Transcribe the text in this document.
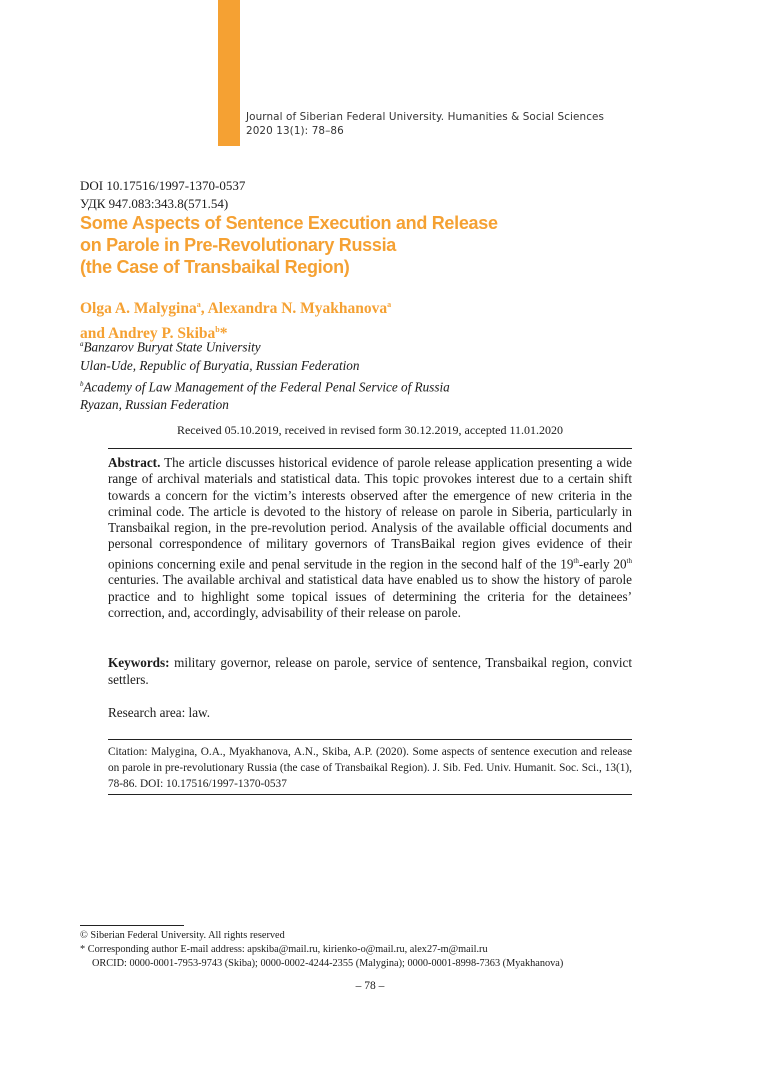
Journal of Siberian Federal University. Humanities & Social Sciences
2020 13(1): 78–86
DOI 10.17516/1997-1370-0537
УДК 947.083:343.8(571.54)
Some Aspects of Sentence Execution and Release
on Parole in Pre-Revolutionary Russia
(the Case of Transbaikal Region)
Olga A. Malygina$^a$, Alexandra N. Myakhanova$^a$
and Andrey P. Skiba$^b$*
$^a$Banzarov Buryat State University
Ulan-Ude, Republic of Buryatia, Russian Federation
$^b$Academy of Law Management of the Federal Penal Service of Russia
Ryazan, Russian Federation
Received 05.10.2019, received in revised form 30.12.2019, accepted 11.01.2020
Abstract. The article discusses historical evidence of parole release application presenting a wide range of archival materials and statistical data. This topic provokes interest due to a certain shift towards a concern for the victim’s interests observed after the emergence of new criteria in the criminal code. The article is devoted to the history of release on parole in Siberia, particularly in Transbaikal region, in the pre-revolution period. Analysis of the available official documents and personal correspondence of military governors of TransBaikal region gives evidence of their opinions concerning exile and penal servitude in the region in the second half of the 19th-early 20th centuries. The available archival and statistical data have enabled us to show the history of parole practice and to highlight some topical issues of determining the criteria for the detainees’ correction, and, accordingly, advisability of their release on parole.
Keywords: military governor, release on parole, service of sentence, Transbaikal region, convict settlers.
Research area: law.
Citation: Malygina, O.A., Myakhanova, A.N., Skiba, A.P. (2020). Some aspects of sentence execution and release on parole in pre-revolutionary Russia (the case of Transbaikal Region). J. Sib. Fed. Univ. Humanit. Soc. Sci., 13(1), 78-86. DOI: 10.17516/1997-1370-0537
© Siberian Federal University. All rights reserved
* Corresponding author E-mail address: apskiba@mail.ru, kirienko-o@mail.ru, alex27-m@mail.ru
ORCID: 0000-0001-7953-9743 (Skiba); 0000-0002-4244-2355 (Malygina); 0000-0001-8998-7363 (Myakhanova)
– 78 –
